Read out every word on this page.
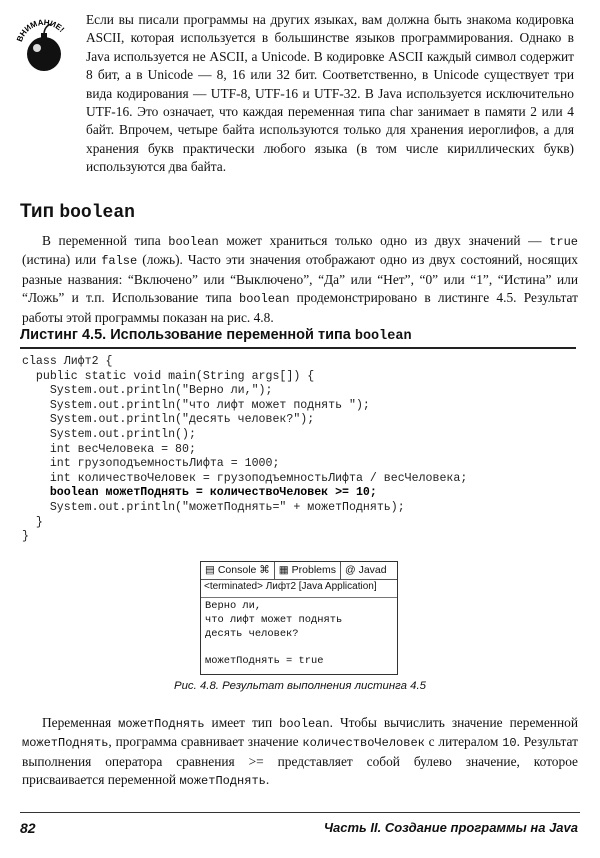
ВНИМАНИЕ!

Если вы писали программы на других языках, вам должна быть знакома кодировка ASCII, которая используется в большинстве языков программирования. Однако в Java используется не ASCII, а Unicode. В кодировке ASCII каждый символ содержит 8 бит, а в Unicode — 8, 16 или 32 бит. Соответственно, в Unicode существует три вида кодирования — UTF-8, UTF-16 и UTF-32. В Java используется исключительно UTF-16. Это означает, что каждая переменная типа char занимает в памяти 2 или 4 байт. Впрочем, четыре байта используются только для хранения иероглифов, а для хранения букв практически любого языка (в том числе кириллических букв) используются два байта.

Тип boolean

В переменной типа boolean может храниться только одно из двух значений — true (истина) или false (ложь). Часто эти значения отображают одно из двух состояний, носящих разные названия: “Включено” или “Выключено”, “Да” или “Нет”, “0” или “1”, “Истина” или “Ложь” и т.п. Использование типа boolean продемонстрировано в листинге 4.5. Результат работы этой программы показан на рис. 4.8.

Листинг 4.5. Использование переменной типа boolean
class Лифт2 {
public static void main(String args[]) {
System.out.println("Верно ли,");
System.out.println("что лифт может поднять ");
System.out.println("десять человек?");
System.out.println();
int весЧеловека = 80;
int грузоподъемностьЛифта = 1000;
int количествоЧеловек = грузоподъемностьЛифта / весЧеловека;
boolean можетПоднять = количествоЧеловек >= 10;
System.out.println("можетПоднять=" + можетПоднять);
}
}
▤ Console ⌘ ▦ Problems @ Javad
<terminated> Лифт2 [Java Application]
Верно ли,
что лифт может поднять
десять человек?
можетПоднять = true

Рис. 4.8. Результат выполнения листинга 4.5

Переменная можетПоднять имеет тип boolean. Чтобы вычислить значение переменной можетПоднять, программа сравнивает значение количествоЧеловек с литералом 10. Результат выполнения оператора сравнения >= представляет собой булево значение, которое присваивается переменной можетПоднять.

82	Часть II. Создание программы на Java
